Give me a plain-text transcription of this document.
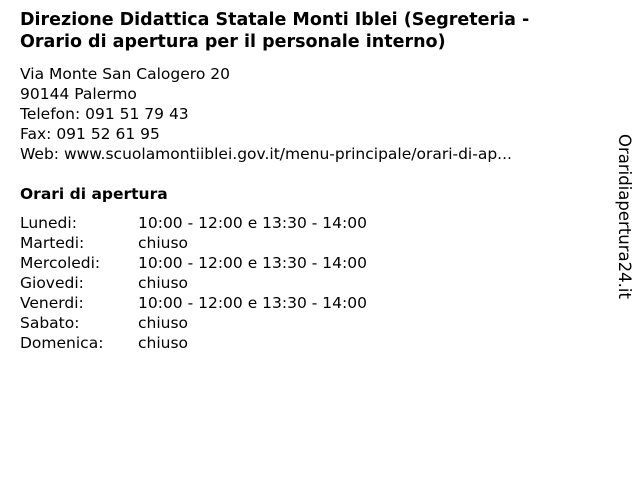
Direzione Didattica Statale Monti Iblei (Segreteria -
Orario di apertura per il personale interno)
Via Monte San Calogero 20
90144 Palermo
Telefon: 091 51 79 43
Fax: 091 52 61 95
Web: www.scuolamontiiblei.gov.it/menu-principale/orari-di-ap...
Orari di apertura
Lunedi:	10:00 - 12:00 e 13:30 - 14:00
Martedi:	chiuso
Mercoledi:	10:00 - 12:00 e 13:30 - 14:00
Giovedi:	chiuso
Venerdi:	10:00 - 12:00 e 13:30 - 14:00
Sabato:	chiuso
Domenica:	chiuso
Oraridiapertura24.it
